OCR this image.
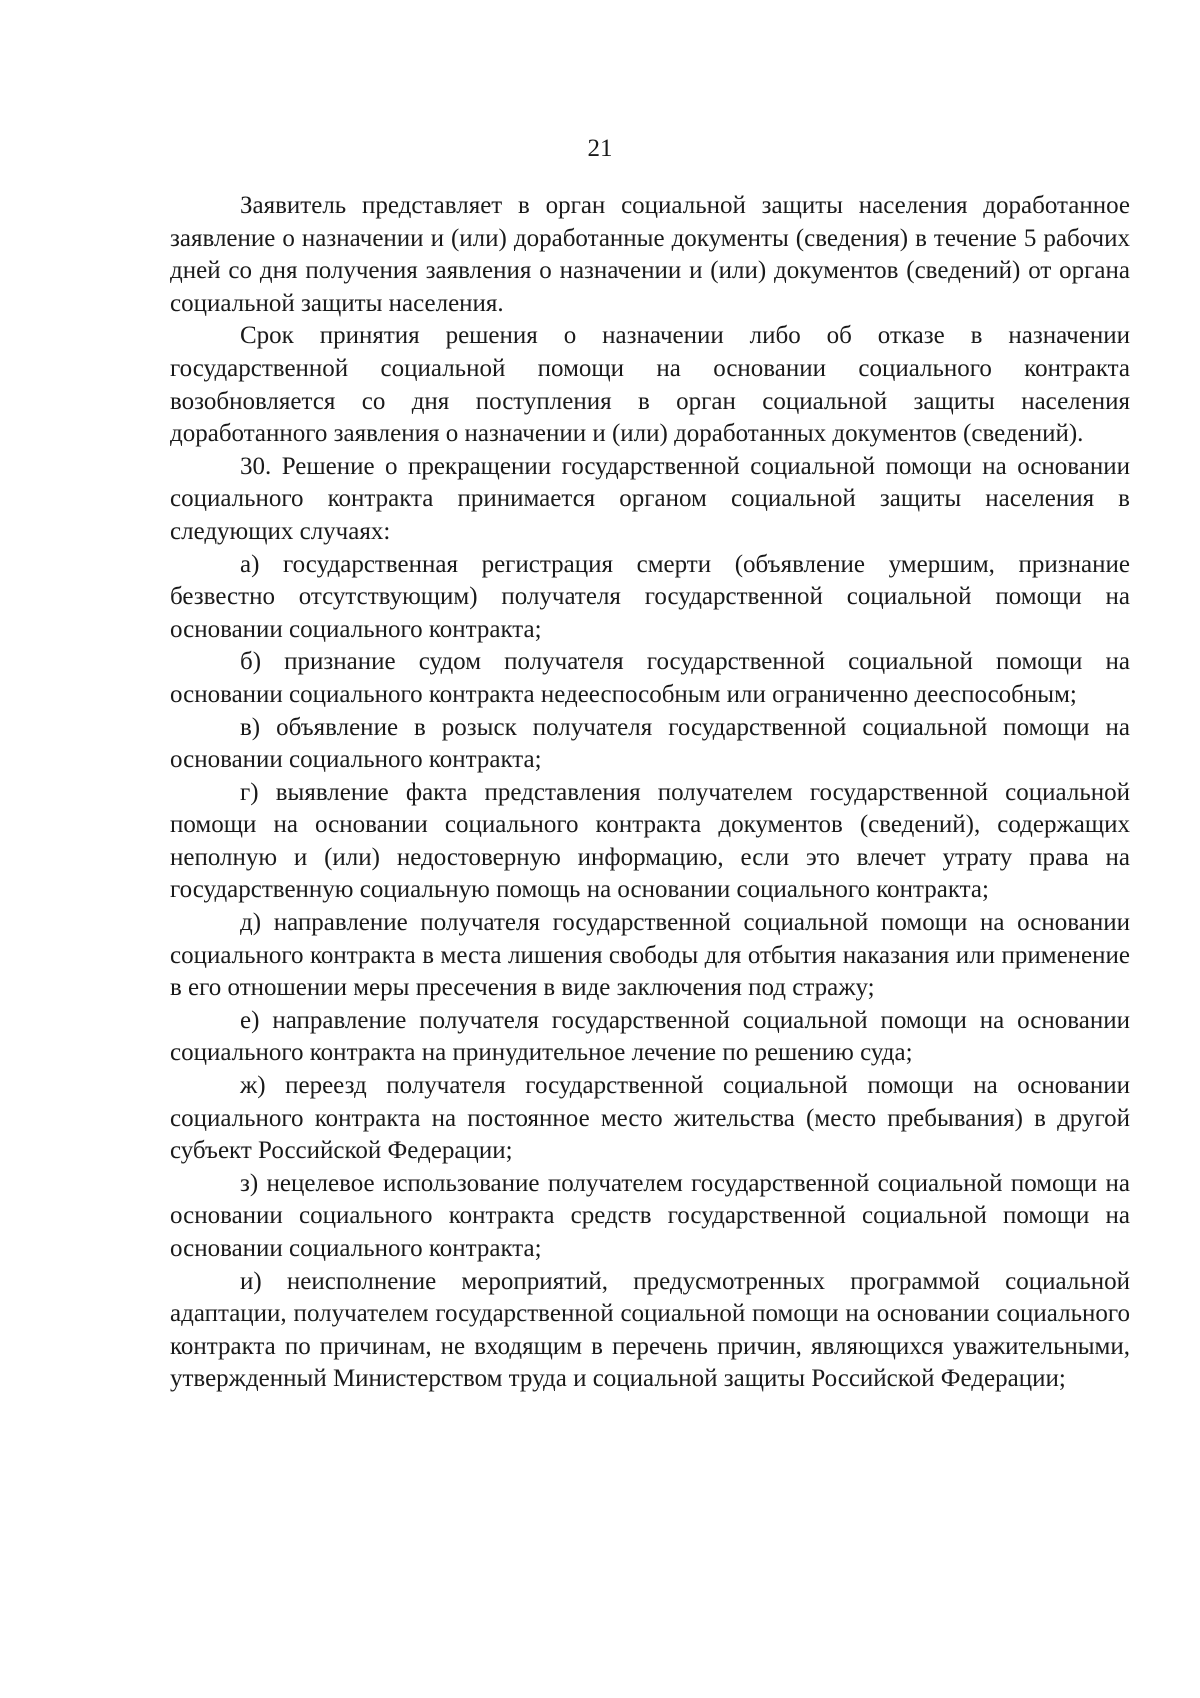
21

Заявитель представляет в орган социальной защиты населения доработанное заявление о назначении и (или) доработанные документы (сведения) в течение 5 рабочих дней со дня получения заявления о назначении и (или) документов (сведений) от органа социальной защиты населения.

Срок принятия решения о назначении либо об отказе в назначении государственной социальной помощи на основании социального контракта возобновляется со дня поступления в орган социальной защиты населения доработанного заявления о назначении и (или) доработанных документов (сведений).

30. Решение о прекращении государственной социальной помощи на основании социального контракта принимается органом социальной защиты населения в следующих случаях:

а) государственная регистрация смерти (объявление умершим, признание безвестно отсутствующим) получателя государственной социальной помощи на основании социального контракта;

б) признание судом получателя государственной социальной помощи на основании социального контракта недееспособным или ограниченно дееспособным;

в) объявление в розыск получателя государственной социальной помощи на основании социального контракта;

г) выявление факта представления получателем государственной социальной помощи на основании социального контракта документов (сведений), содержащих неполную и (или) недостоверную информацию, если это влечет утрату права на государственную социальную помощь на основании социального контракта;

д) направление получателя государственной социальной помощи на основании социального контракта в места лишения свободы для отбытия наказания или применение в его отношении меры пресечения в виде заключения под стражу;

е) направление получателя государственной социальной помощи на основании социального контракта на принудительное лечение по решению суда;

ж) переезд получателя государственной социальной помощи на основании социального контракта на постоянное место жительства (место пребывания) в другой субъект Российской Федерации;

з) нецелевое использование получателем государственной социальной помощи на основании социального контракта средств государственной социальной помощи на основании социального контракта;

и) неисполнение мероприятий, предусмотренных программой социальной адаптации, получателем государственной социальной помощи на основании социального контракта по причинам, не входящим в перечень причин, являющихся уважительными, утвержденный Министерством труда и социальной защиты Российской Федерации;
